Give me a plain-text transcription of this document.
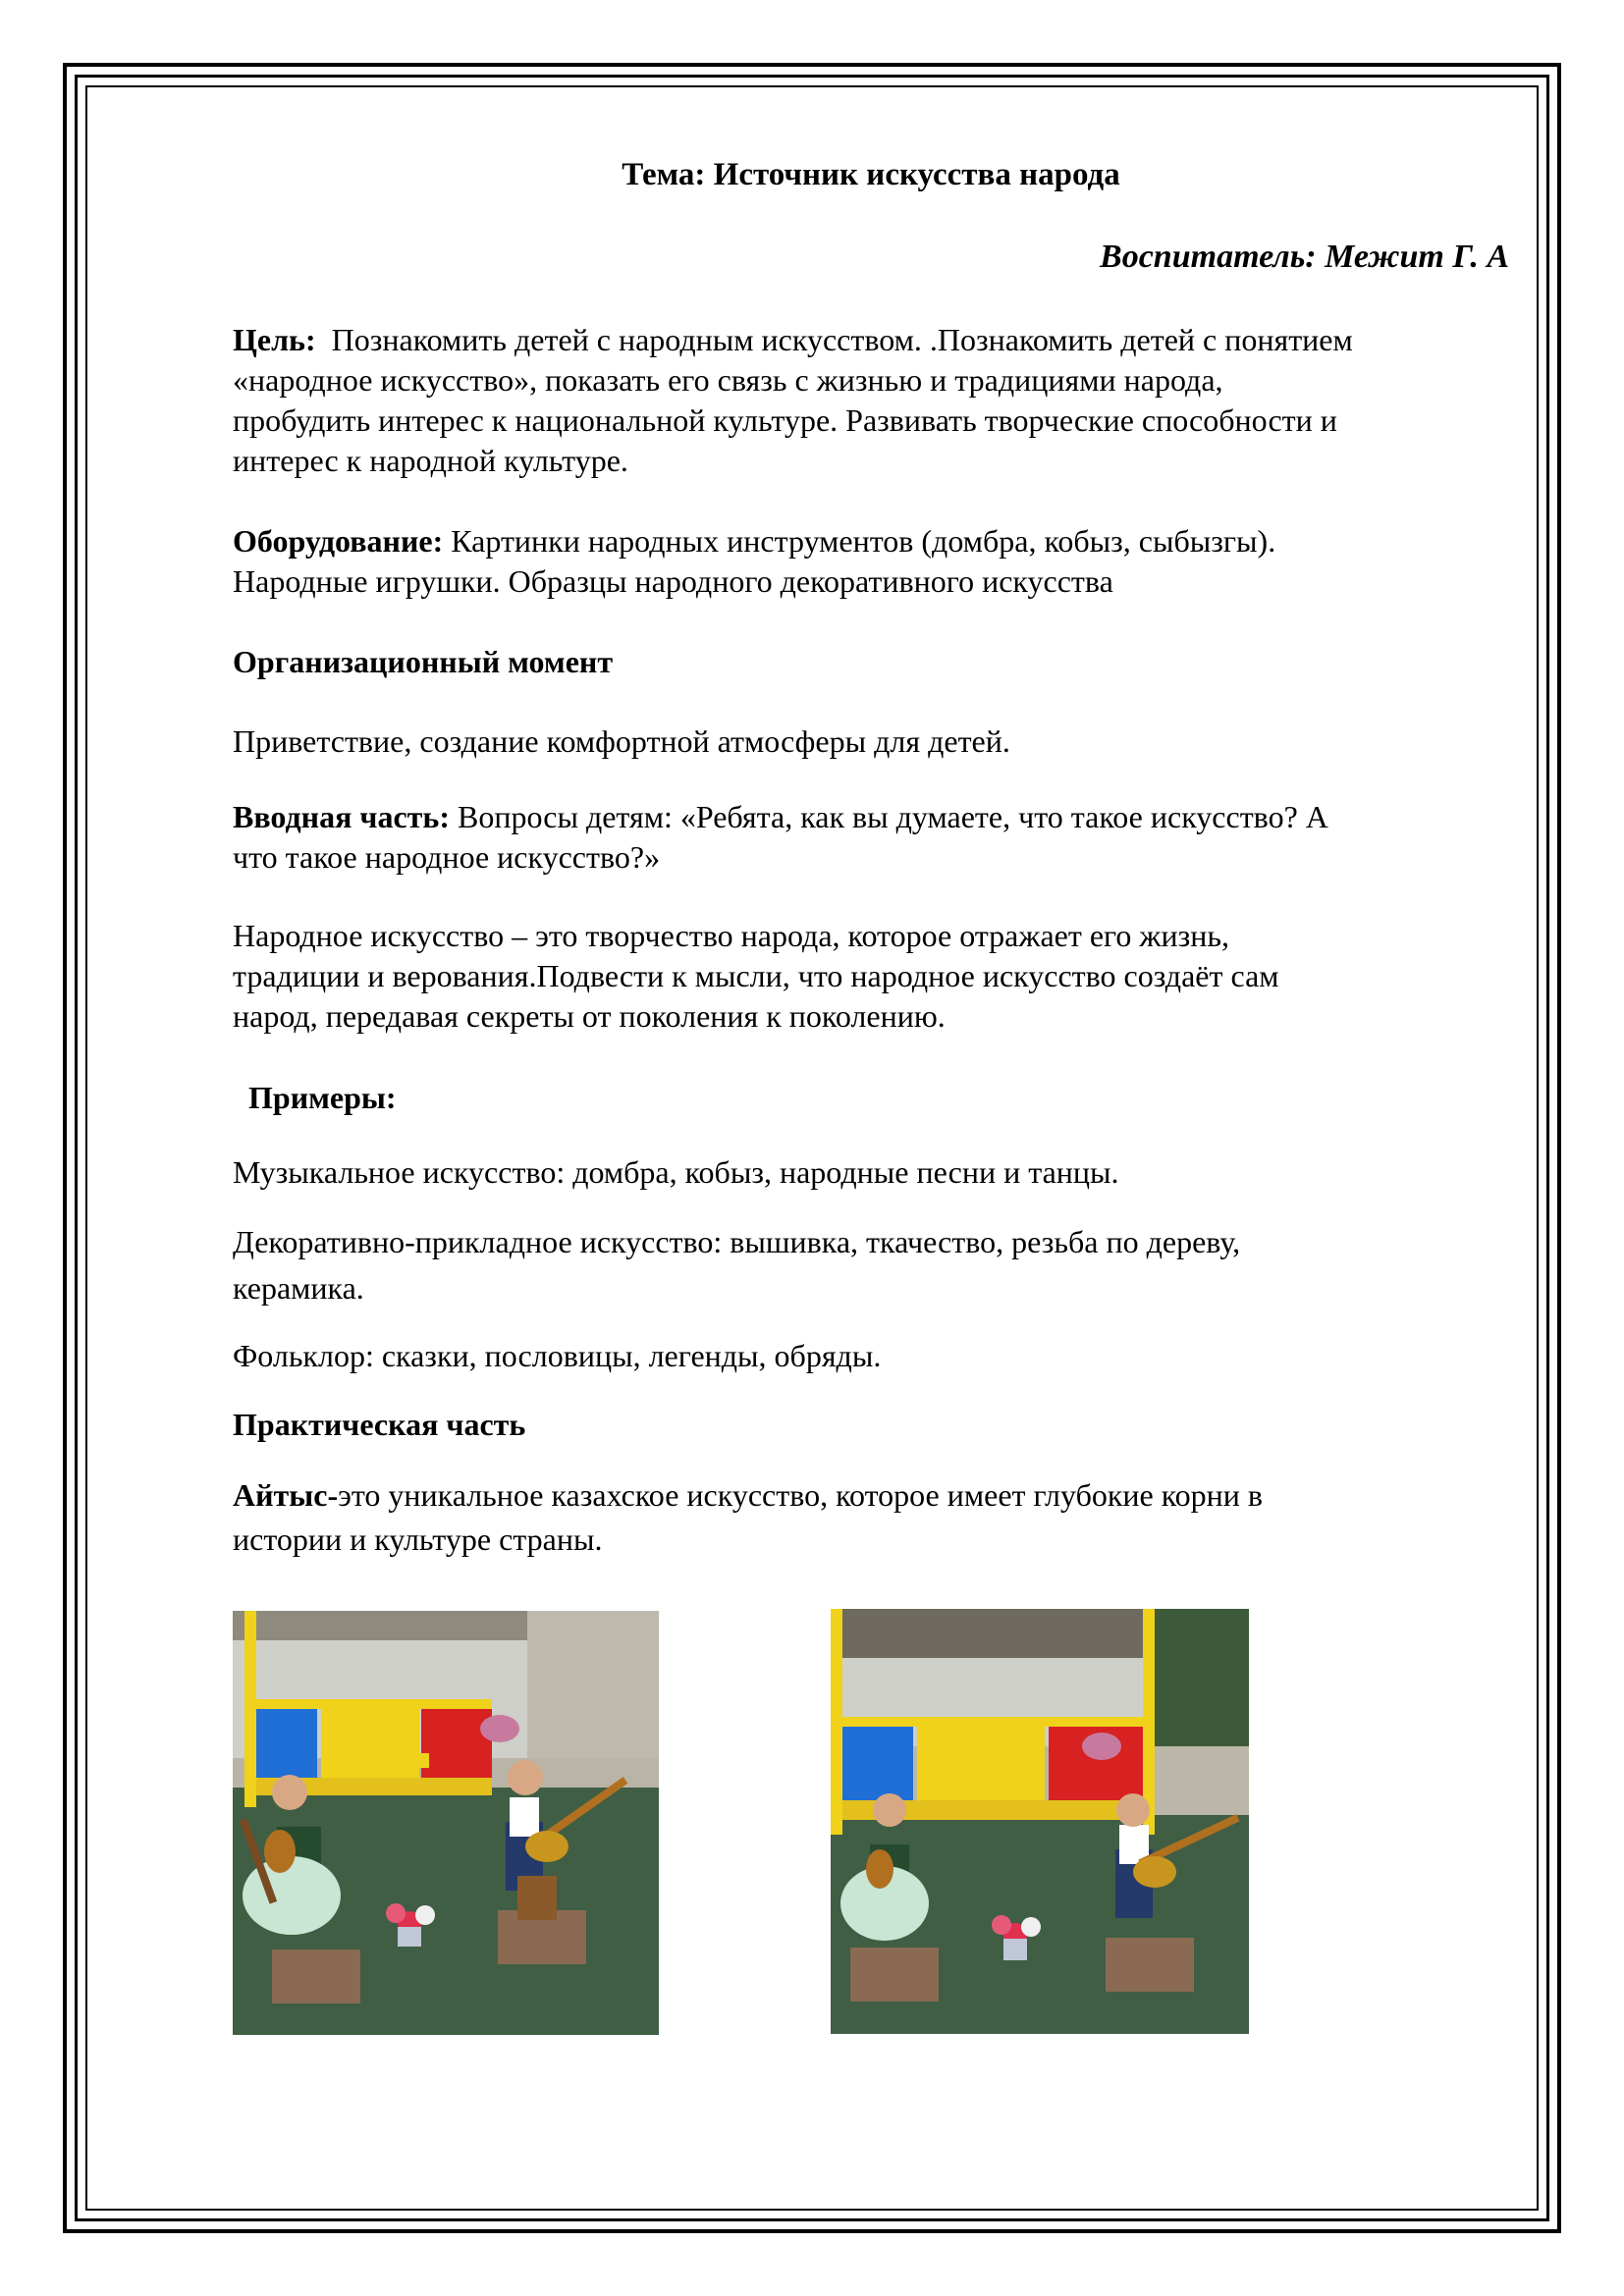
Тема: Источник искусства народа

Воспитатель: Межит Г. А

Цель: Познакомить детей с народным искусством. .Познакомить детей с понятием

«народное искусство», показать его связь с жизнью и традициями народа,

пробудить интерес к национальной культуре. Развивать творческие способности и

интерес к народной культуре.

Оборудование: Картинки народных инструментов (домбра, кобыз, сыбызгы).

Народные игрушки. Образцы народного декоративного искусства

Организационный момент

Приветствие, создание комфортной атмосферы для детей.

Вводная часть: Вопросы детям: «Ребята, как вы думаете, что такое искусство? А

что такое народное искусство?»

Народное искусство – это творчество народа, которое отражает его жизнь,

традиции и верования.Подвести к мысли, что народное искусство создаёт сам

народ, передавая секреты от поколения к поколению.

Примеры:

Музыкальное искусство: домбра, кобыз, народные песни и танцы.

Декоративно-прикладное искусство: вышивка, ткачество, резьба по дереву,

керамика.

Фольклор: сказки, пословицы, легенды, обряды.

Практическая часть

Айтыс-это уникальное казахское искусство, которое имеет глубокие корни в

истории и культуре страны.
